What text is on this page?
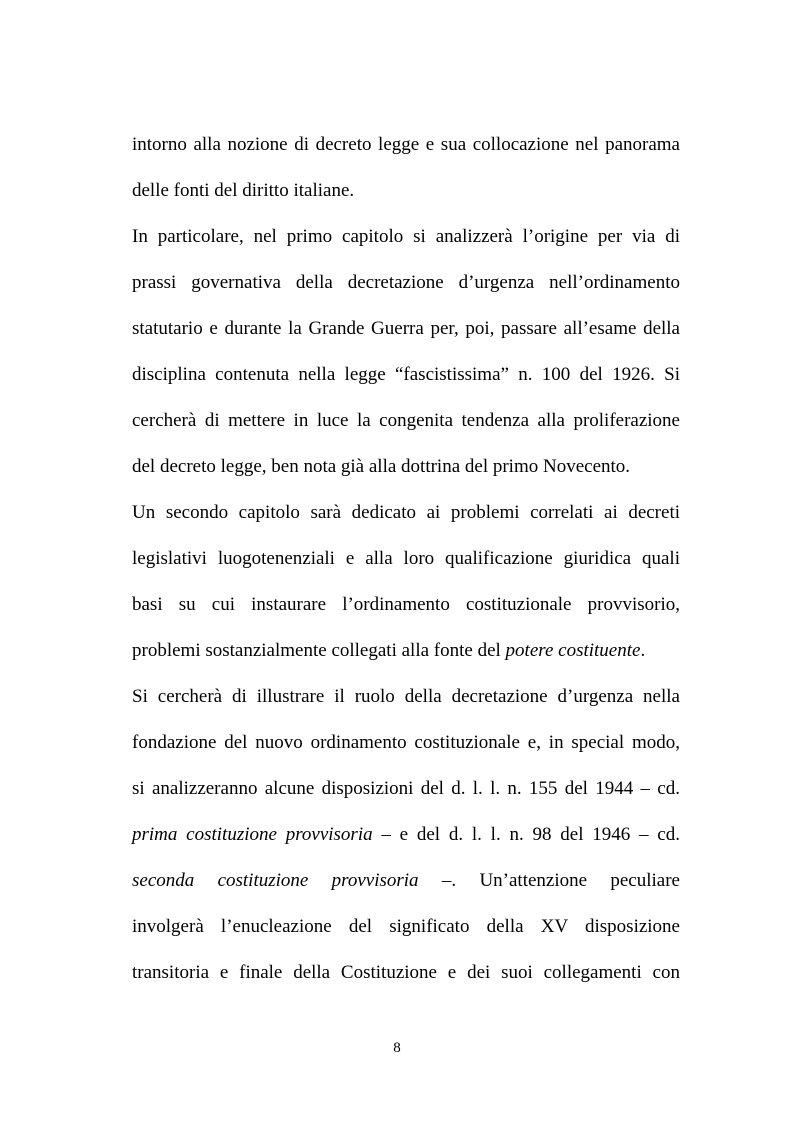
intorno alla nozione di decreto legge e sua collocazione nel panorama
delle fonti del diritto italiane.
In particolare, nel primo capitolo si analizzerà l’origine per via di
prassi governativa della decretazione d’urgenza nell’ordinamento
statutario e durante la Grande Guerra per, poi, passare all’esame della
disciplina contenuta nella legge “fascistissima” n. 100 del 1926. Si
cercherà di mettere in luce la congenita tendenza alla proliferazione
del decreto legge, ben nota già alla dottrina del primo Novecento.
Un secondo capitolo sarà dedicato ai problemi correlati ai decreti
legislativi luogotenenziali e alla loro qualificazione giuridica quali
basi su cui instaurare l’ordinamento costituzionale provvisorio,
problemi sostanzialmente collegati alla fonte del potere costituente.
Si cercherà di illustrare il ruolo della decretazione d’urgenza nella
fondazione del nuovo ordinamento costituzionale e, in special modo,
si analizzeranno alcune disposizioni del d. l. l. n. 155 del 1944 – cd.
prima costituzione provvisoria – e del d. l. l. n. 98 del 1946 – cd.
seconda costituzione provvisoria –. Un’attenzione peculiare
involgerà l’enucleazione del significato della XV disposizione
transitoria e finale della Costituzione e dei suoi collegamenti con
8
